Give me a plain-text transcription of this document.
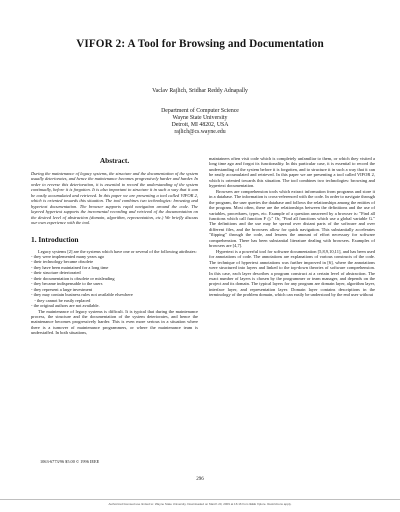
VIFOR 2: A Tool for Browsing and Documentation
Vaclav Rajlich, Sridhar Reddy Adnapally
Department of Computer Science
Wayne State University
Detroit, MI 48202, USA
rajlich@cs.wayne.edu
Abstract.

During the maintenance of legacy systems, the structure and the documentation of the system usually deteriorates, and hence the maintenance becomes progressively harder and harder. In order to reverse this deterioration, it is essential to record the understanding of the system continually, before it is forgotten. It is also important to structure it in such a way that it can be easily accumulated and retrieved. In this paper we are presenting a tool called VIFOR 2, which is oriented towards this situation. The tool combines two technologies: browsing and hypertext documentation. The browser supports rapid navigation around the code. The layered hypertext supports the incremental recording and retrieval of the documentation on the desired level of abstraction (domain, algorithm, representation, etc.) We briefly discuss our own experience with the tool.

1. Introduction

Legacy systems [2] are the systems which have one or several of the following attributes:

- they were implemented many years ago
- their technology became obsolete
- they have been maintained for a long time
- their structure deteriorated
- their documentation is obsolete or misleading
- they became indispensable to the users
- they represent a large investment
- they may contain business rules not available elsewhere
- they cannot be easily replaced
- the original authors are not available.

The maintenance of legacy systems is difficult. It is typical that during the maintenance process, the structure and the documentation of the system deteriorates, and hence the maintenance becomes progressively harder. This is even more serious in a situation where there is a turnover of maintenance programmers, or where the maintenance team is understaffed. In both situations,

maintainers often visit code which is completely unfamiliar to them, or which they visited a long time ago and forgot its functionality. In this particular case, it is essential to record the understanding of the system before it is forgotten, and to structure it in such a way that it can be easily accumulated and retrieved. In this paper we are presenting a tool called VIFOR 2, which is oriented towards this situation. The tool combines two technologies: browsing and hypertext documentation.

Browsers are comprehension tools which extract information from programs and store it in a database. The information is cross-referenced with the code. In order to navigate through the program, the user queries the database and follows the relationships among the entities of the program. Most often, these are the relationships between the definitions and the use of variables, procedures, types, etc. Example of a question answered by a browser is: "Find all functions which call function F ()." Or, "Find all functions which use a global variable G." The definitions and the use may be spread over distant parts of the software and over different files, and the browsers allow for quick navigation. This substantially accelerates "flipping" through the code, and lessens the amount of effort necessary for software comprehension. There has been substantial literature dealing with browsers. Examples of browsers are [4,7].

Hypertext is a powerful tool for software documentation [5,8,9,10,11], and has been used for annotations of code. The annotations are explanations of various constructs of the code. The technique of hypertext annotations was further improved in [6], where the annotations were structured into layers and linked to the top-down theories of software comprehension. In this case, each layer describes a program construct at a certain level of abstraction. The exact number of layers is chosen by the programmer or team manager, and depends on the project and its domain. The typical layers for any program are domain layer, algorithm layer, interface layer, and representation layer. Domain layer contains descriptions in the terminology of the problem domain, which can easily be understood by the end user without

1063-6773/96 $5.00 © 1996 IEEE
296
Authorized licensed use limited to: Wayne State University. Downloaded on March 20, 2009 at 16:16 from IEEE Xplore. Restrictions apply.
